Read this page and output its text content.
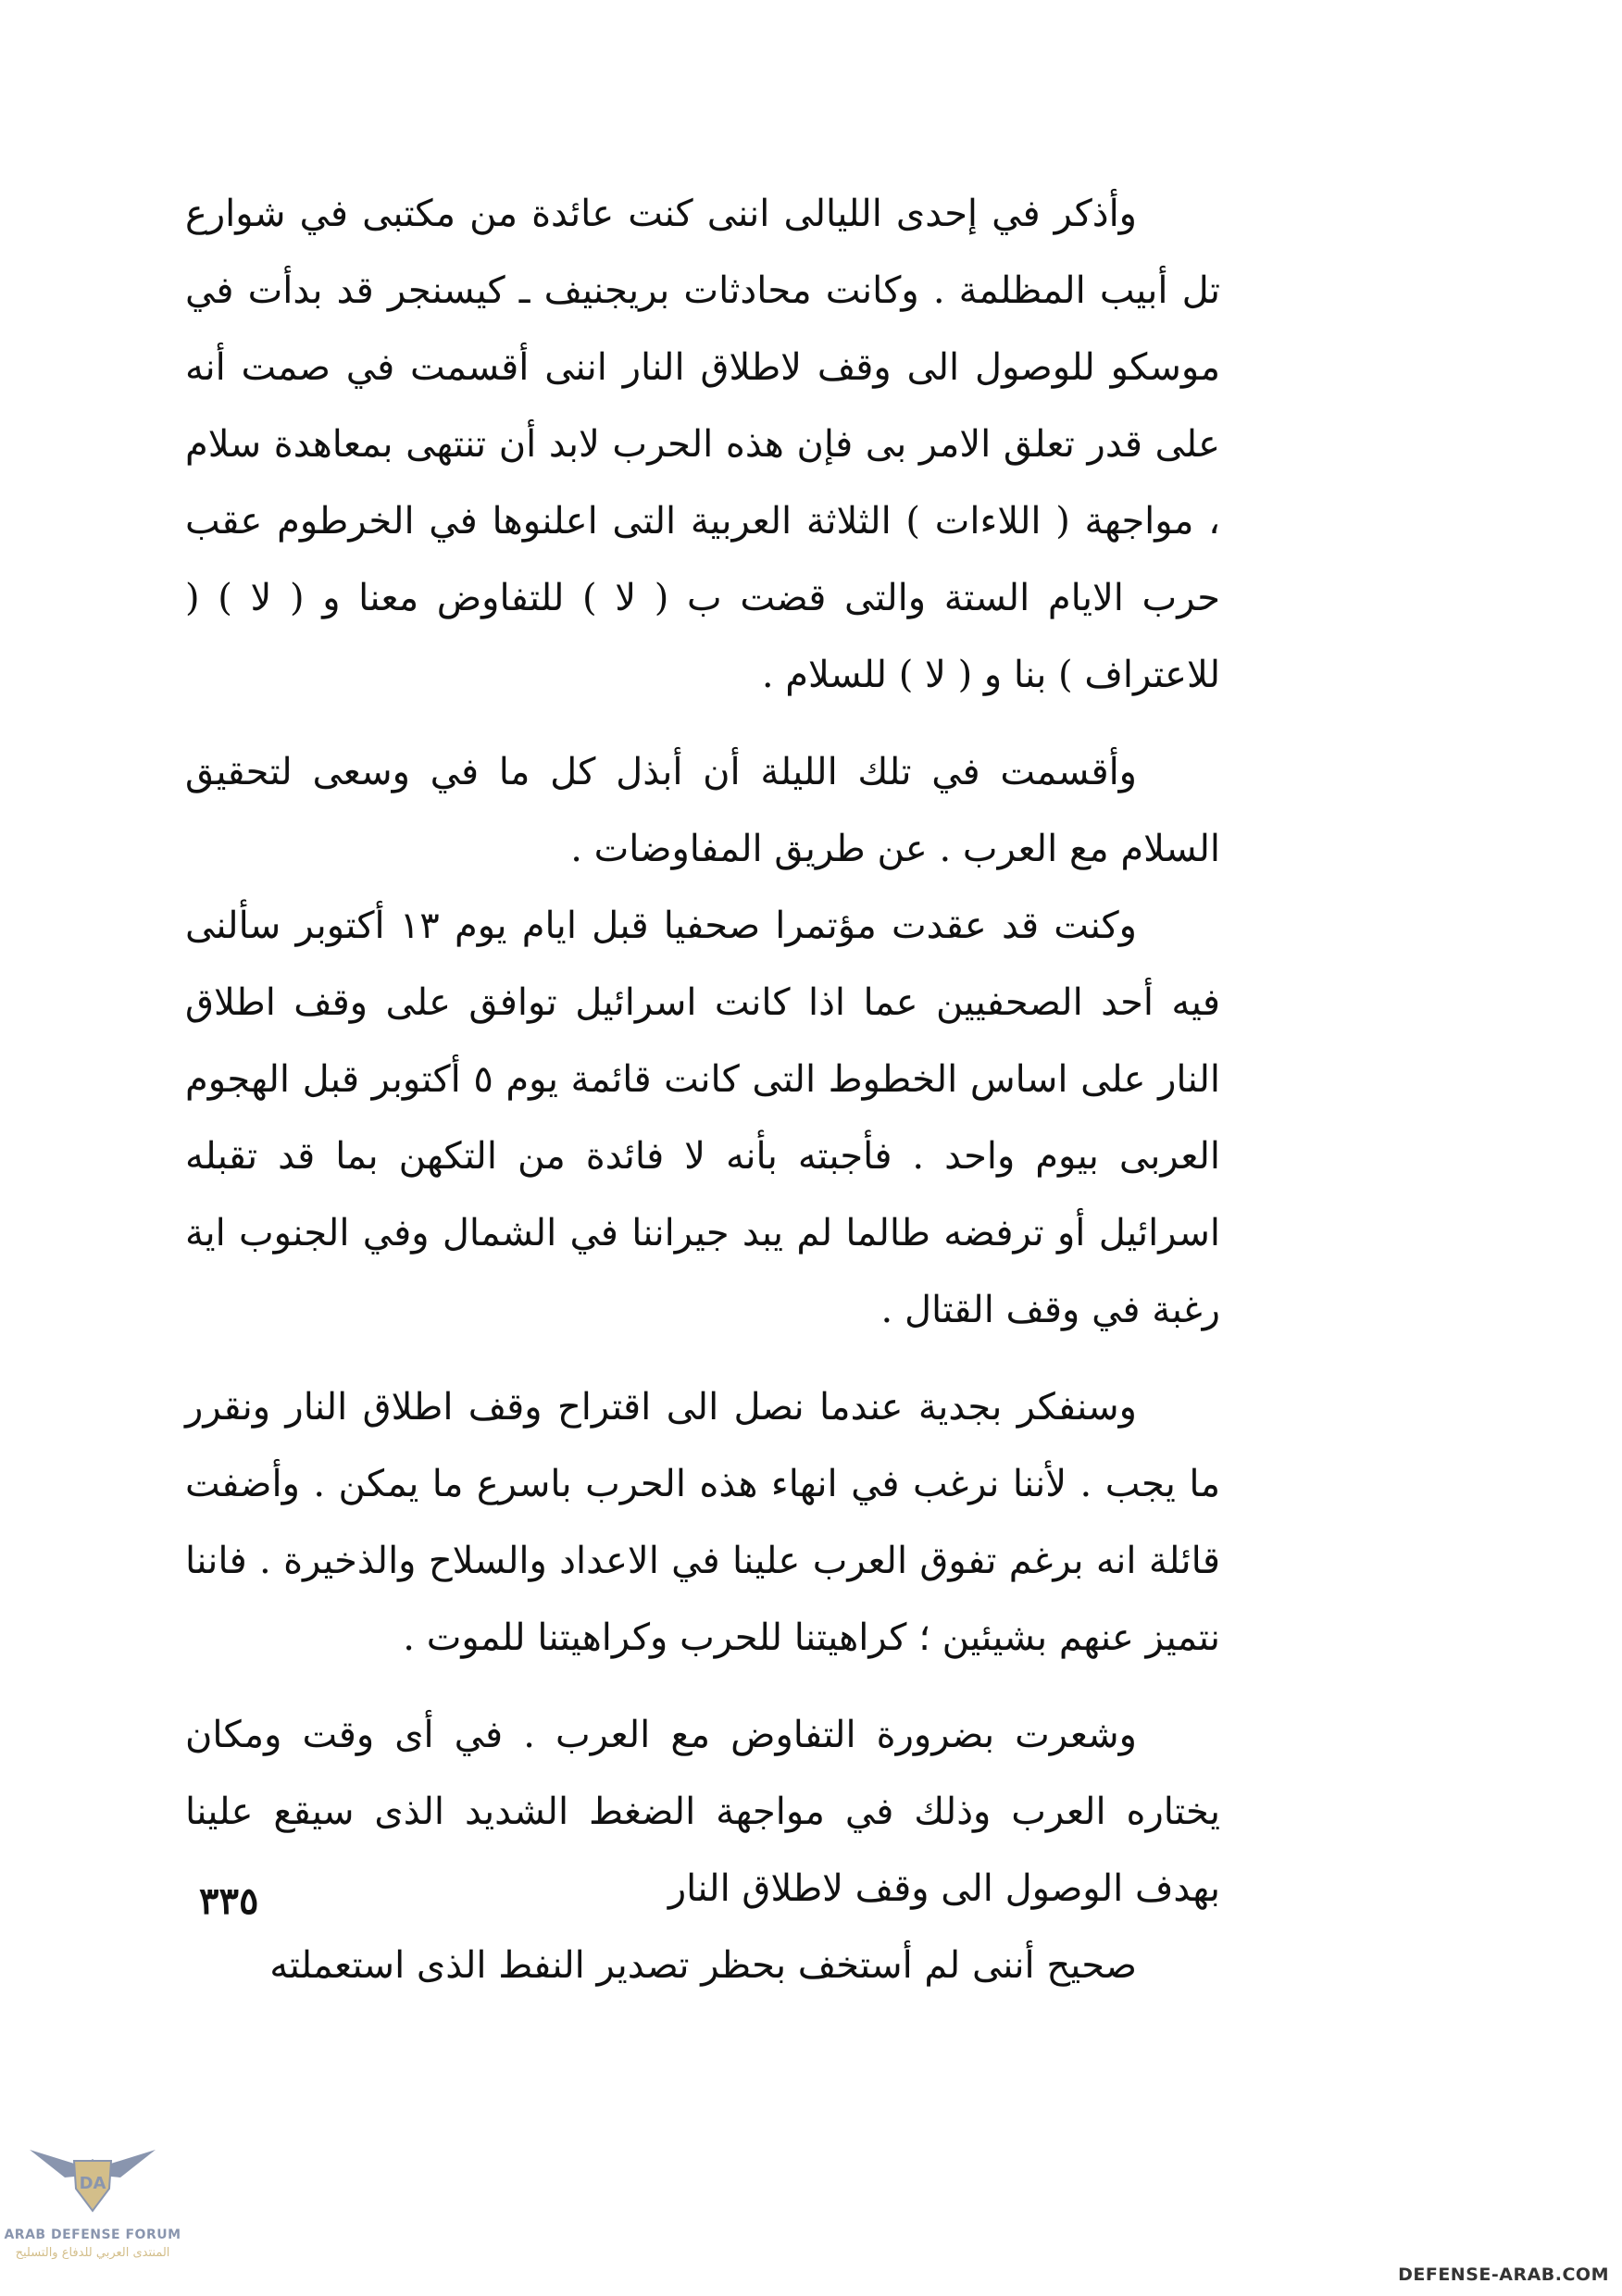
وأذكر في إحدى الليالى اننى كنت عائدة من مكتبى في شوارع تل أبيب المظلمة . وكانت محادثات بريجنيف ـ كيسنجر قد بدأت في موسكو للوصول الى وقف لاطلاق النار اننى أقسمت في صمت أنه على قدر تعلق الامر بى فإن هذه الحرب لابد أن تنتهى بمعاهدة سلام ، مواجهة ( اللاءات ) الثلاثة العربية التى اعلنوها في الخرطوم عقب حرب الايام الستة والتى قضت ب ( لا ) للتفاوض معنا و ( لا ) ( للاعتراف ) بنا و ( لا ) للسلام .

وأقسمت في تلك الليلة أن أبذل كل ما في وسعى لتحقيق السلام مع العرب . عن طريق المفاوضات .

وكنت قد عقدت مؤتمرا صحفيا قبل ايام يوم ١٣ أكتوبر سألنى فيه أحد الصحفيين عما اذا كانت اسرائيل توافق على وقف اطلاق النار على اساس الخطوط التى كانت قائمة يوم ٥ أكتوبر قبل الهجوم العربى بيوم واحد . فأجبته بأنه لا فائدة من التكهن بما قد تقبله اسرائيل أو ترفضه طالما لم يبد جيراننا في الشمال وفي الجنوب اية رغبة في وقف القتال .

وسنفكر بجدية عندما نصل الى اقتراح وقف اطلاق النار ونقرر ما يجب . لأننا نرغب في انهاء هذه الحرب باسرع ما يمكن . وأضفت قائلة انه برغم تفوق العرب علينا في الاعداد والسلاح والذخيرة . فاننا نتميز عنهم بشيئين ؛ كراهيتنا للحرب وكراهيتنا للموت .

وشعرت بضرورة التفاوض مع العرب . في أى وقت ومكان يختاره العرب وذلك في مواجهة الضغط الشديد الذى سيقع علينا بهدف الوصول الى وقف لاطلاق النار

صحيح أننى لم أستخف بحظر تصدير النفط الذى استعملته

٣٣٥
DA
ARAB DEFENSE FORUM
المنتدى العربي للدفاع والتسليح
DEFENSE-ARAB.COM
